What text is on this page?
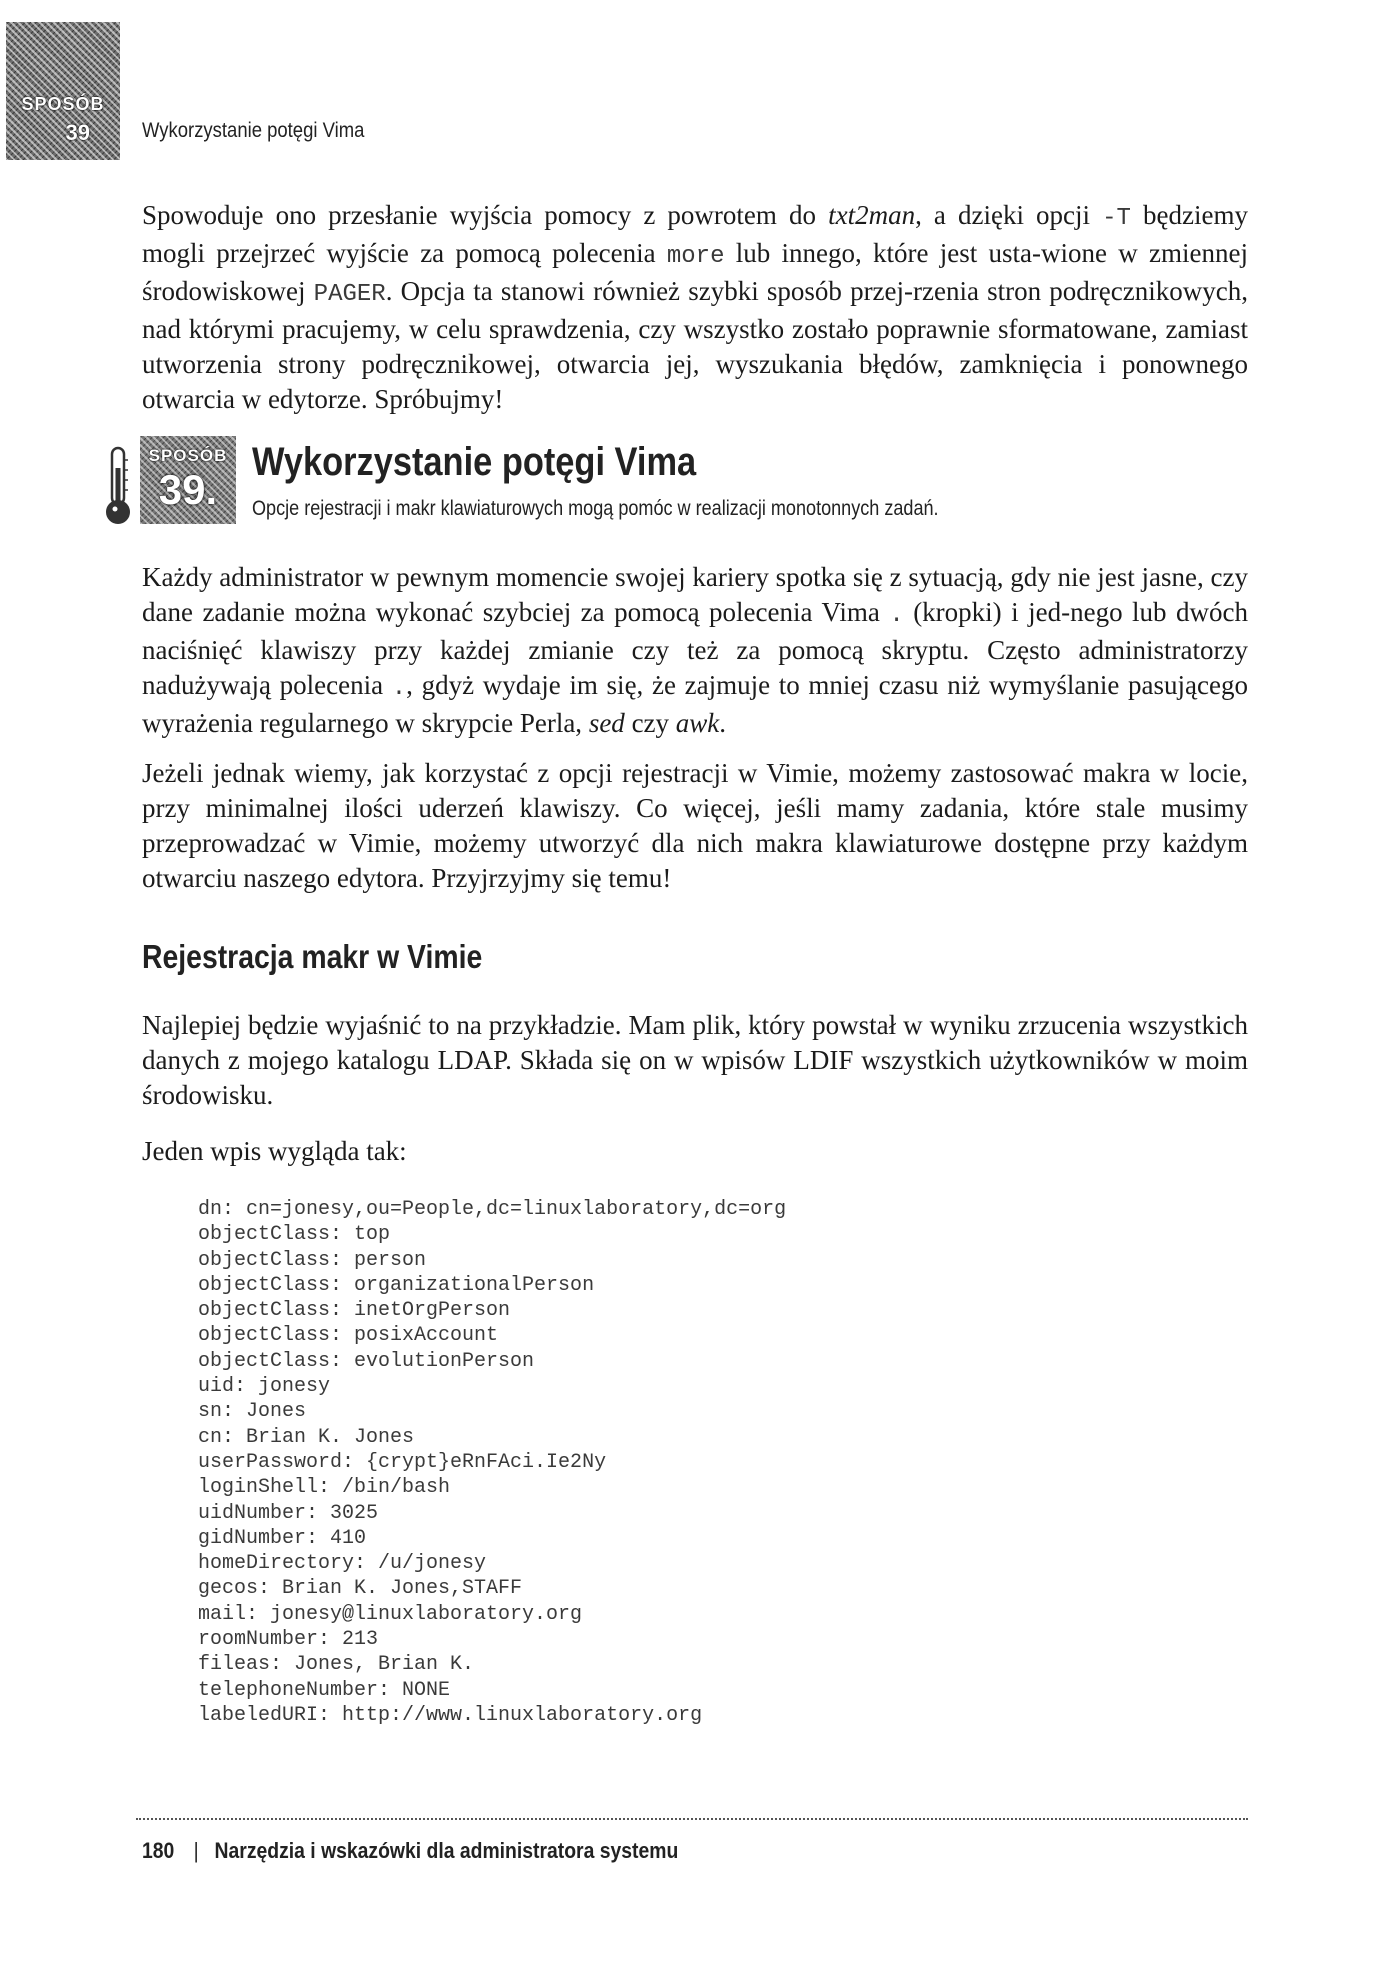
SPOSÓB
39 Wykorzystanie potęgi Vima

Spowoduje ono przesłanie wyjścia pomocy z powrotem do txt2man, a dzięki opcji -T będziemy mogli przejrzeć wyjście za pomocą polecenia more lub innego, które jest usta-wione w zmiennej środowiskowej PAGER. Opcja ta stanowi również szybki sposób przej-rzenia stron podręcznikowych, nad którymi pracujemy, w celu sprawdzenia, czy wszystko zostało poprawnie sformatowane, zamiast utworzenia strony podręcznikowej, otwarcia jej, wyszukania błędów, zamknięcia i ponownego otwarcia w edytorze. Spróbujmy!

SPOSÓB
39.
Wykorzystanie potęgi Vima
Opcje rejestracji i makr klawiaturowych mogą pomóc w realizacji monotonnych zadań.

Każdy administrator w pewnym momencie swojej kariery spotka się z sytuacją, gdy nie jest jasne, czy dane zadanie można wykonać szybciej za pomocą polecenia Vima . (kropki) i jed-nego lub dwóch naciśnięć klawiszy przy każdej zmianie czy też za pomocą skryptu. Często administratorzy nadużywają polecenia ., gdyż wydaje im się, że zajmuje to mniej czasu niż wymyślanie pasującego wyrażenia regularnego w skrypcie Perla, sed czy awk.

Jeżeli jednak wiemy, jak korzystać z opcji rejestracji w Vimie, możemy zastosować makra w locie, przy minimalnej ilości uderzeń klawiszy. Co więcej, jeśli mamy zadania, które stale musimy przeprowadzać w Vimie, możemy utworzyć dla nich makra klawiaturowe dostępne przy każdym otwarciu naszego edytora. Przyjrzyjmy się temu!

Rejestracja makr w Vimie

Najlepiej będzie wyjaśnić to na przykładzie. Mam plik, który powstał w wyniku zrzucenia wszystkich danych z mojego katalogu LDAP. Składa się on w wpisów LDIF wszystkich użytkowników w moim środowisku.

Jeden wpis wygląda tak:

dn: cn=jonesy,ou=People,dc=linuxlaboratory,dc=org
objectClass: top
objectClass: person
objectClass: organizationalPerson
objectClass: inetOrgPerson
objectClass: posixAccount
objectClass: evolutionPerson
uid: jonesy
sn: Jones
cn: Brian K. Jones
userPassword: {crypt}eRnFAci.Ie2Ny
loginShell: /bin/bash
uidNumber: 3025
gidNumber: 410
homeDirectory: /u/jonesy
gecos: Brian K. Jones,STAFF
mail: jonesy@linuxlaboratory.org
roomNumber: 213
fileas: Jones, Brian K.
telephoneNumber: NONE
labeledURI: http://www.linuxlaboratory.org
180 | Narzędzia i wskazówki dla administratora systemu
